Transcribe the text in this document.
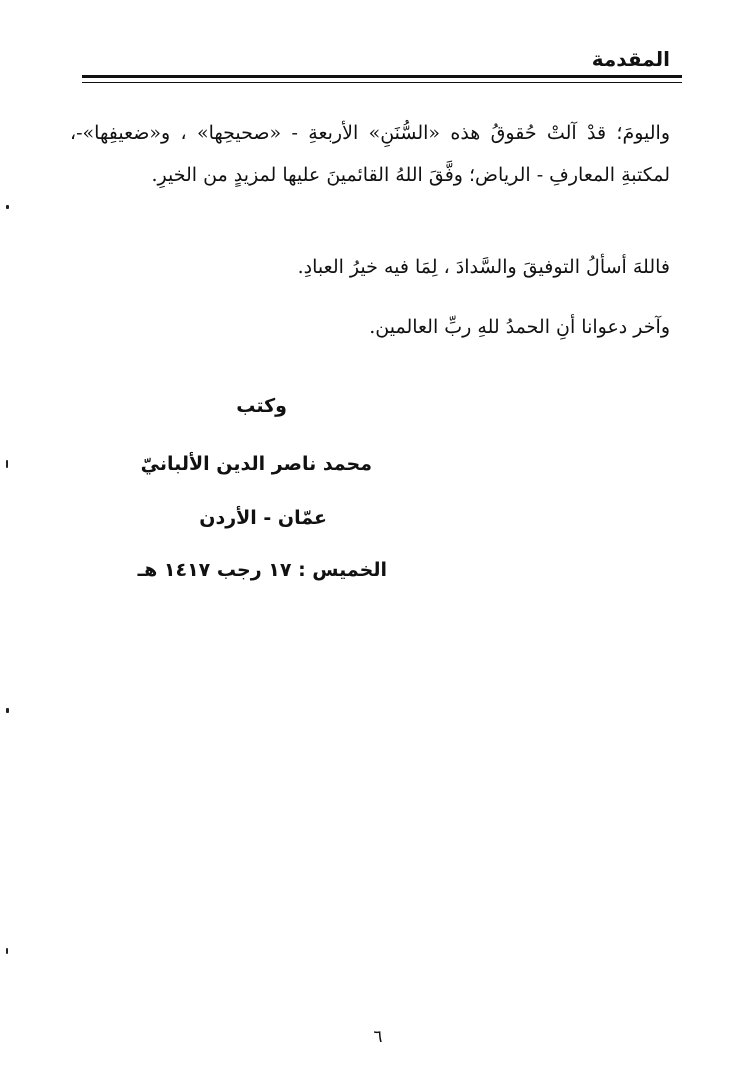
المقدمة

واليومَ؛ قدْ آلتْ حُقوقُ هذه «السُّنَنِ» الأربعةِ - «صحيحِها» ، و«ضعيفِها»-، لمكتبةِ المعارفِ - الرياض؛ وفَّقَ اللهُ القائمينَ عليها لمزيدٍ من الخيرِ.

فاللهَ أسألُ التوفيقَ والسَّدادَ ، لِمَا فيه خيرُ العبادِ.

وآخر دعوانا أنِ الحمدُ للهِ ربِّ العالمين.

وكتب
محمد ناصر الدين الألبانيّ
عمّان - الأردن
الخميس : ١٧ رجب ١٤١٧ هـ
٦
